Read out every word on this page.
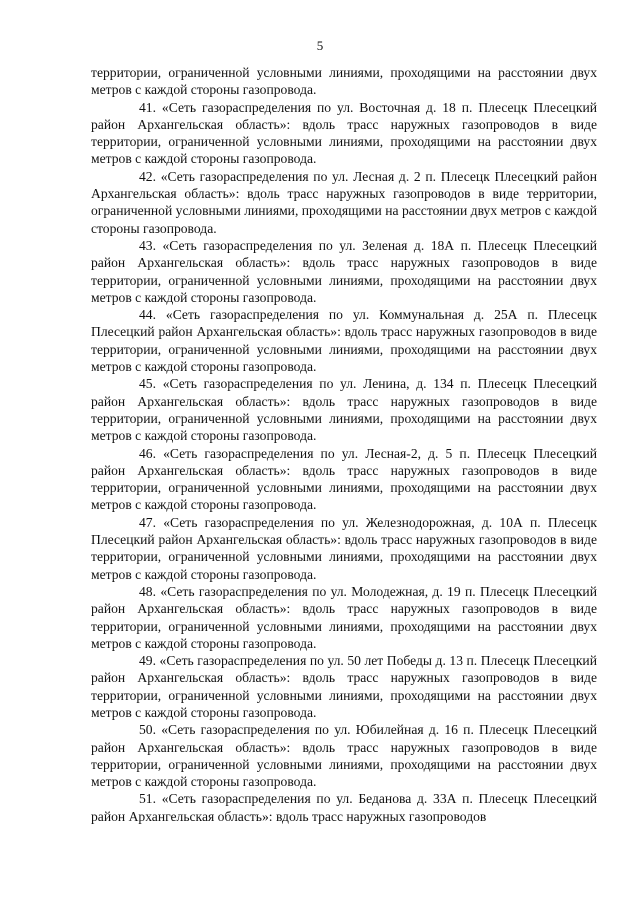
5

территории, ограниченной условными линиями, проходящими на расстоянии двух метров с каждой стороны газопровода.

41. «Сеть газораспределения по ул. Восточная д. 18 п. Плесецк Плесецкий район Архангельская область»: вдоль трасс наружных газопроводов в виде территории, ограниченной условными линиями, проходящими на расстоянии двух метров с каждой стороны газопровода.

42. «Сеть газораспределения по ул. Лесная д. 2 п. Плесецк Плесецкий район Архангельская область»: вдоль трасс наружных газопроводов в виде территории, ограниченной условными линиями, проходящими на расстоянии двух метров с каждой стороны газопровода.

43. «Сеть газораспределения по ул. Зеленая д. 18А п. Плесецк Плесецкий район Архангельская область»: вдоль трасс наружных газопроводов в виде территории, ограниченной условными линиями, проходящими на расстоянии двух метров с каждой стороны газопровода.

44. «Сеть газораспределения по ул. Коммунальная д. 25А п. Плесецк Плесецкий район Архангельская область»: вдоль трасс наружных газопроводов в виде территории, ограниченной условными линиями, проходящими на расстоянии двух метров с каждой стороны газопровода.

45. «Сеть газораспределения по ул. Ленина, д. 134 п. Плесецк Плесецкий район Архангельская область»: вдоль трасс наружных газопроводов в виде территории, ограниченной условными линиями, проходящими на расстоянии двух метров с каждой стороны газопровода.

46. «Сеть газораспределения по ул. Лесная-2, д. 5 п. Плесецк Плесецкий район Архангельская область»: вдоль трасс наружных газопроводов в виде территории, ограниченной условными линиями, проходящими на расстоянии двух метров с каждой стороны газопровода.

47. «Сеть газораспределения по ул. Железнодорожная, д. 10А п. Плесецк Плесецкий район Архангельская область»: вдоль трасс наружных газопроводов в виде территории, ограниченной условными линиями, проходящими на расстоянии двух метров с каждой стороны газопровода.

48. «Сеть газораспределения по ул. Молодежная, д. 19 п. Плесецк Плесецкий район Архангельская область»: вдоль трасс наружных газопроводов в виде территории, ограниченной условными линиями, проходящими на расстоянии двух метров с каждой стороны газопровода.

49. «Сеть газораспределения по ул. 50 лет Победы д. 13 п. Плесецк Плесецкий район Архангельская область»: вдоль трасс наружных газопроводов в виде территории, ограниченной условными линиями, проходящими на расстоянии двух метров с каждой стороны газопровода.

50. «Сеть газораспределения по ул. Юбилейная д. 16 п. Плесецк Плесецкий район Архангельская область»: вдоль трасс наружных газопроводов в виде территории, ограниченной условными линиями, проходящими на расстоянии двух метров с каждой стороны газопровода.

51. «Сеть газораспределения по ул. Беданова д. 33А п. Плесецк Плесецкий район Архангельская область»: вдоль трасс наружных газопроводов
